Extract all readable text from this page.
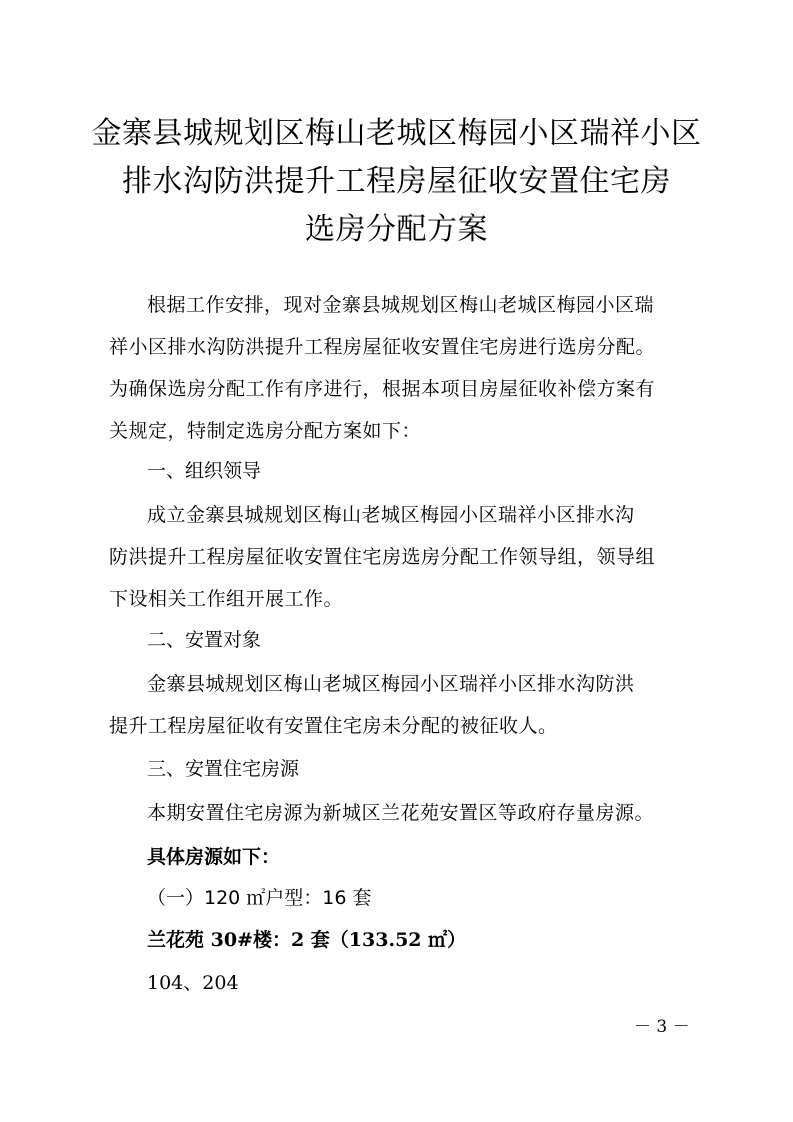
金寨县城规划区梅山老城区梅园小区瑞祥小区
排水沟防洪提升工程房屋征收安置住宅房
选房分配方案
根据工作安排，现对金寨县城规划区梅山老城区梅园小区瑞
祥小区排水沟防洪提升工程房屋征收安置住宅房进行选房分配。
为确保选房分配工作有序进行，根据本项目房屋征收补偿方案有
关规定，特制定选房分配方案如下：
一、组织领导
成立金寨县城规划区梅山老城区梅园小区瑞祥小区排水沟
防洪提升工程房屋征收安置住宅房选房分配工作领导组，领导组
下设相关工作组开展工作。
二、安置对象
金寨县城规划区梅山老城区梅园小区瑞祥小区排水沟防洪
提升工程房屋征收有安置住宅房未分配的被征收人。
三、安置住宅房源
本期安置住宅房源为新城区兰花苑安置区等政府存量房源。
具体房源如下：
（一）120 ㎡户型：16 套
兰花苑 30#楼：2 套（133.52 ㎡）
104、204
－ 3 －
